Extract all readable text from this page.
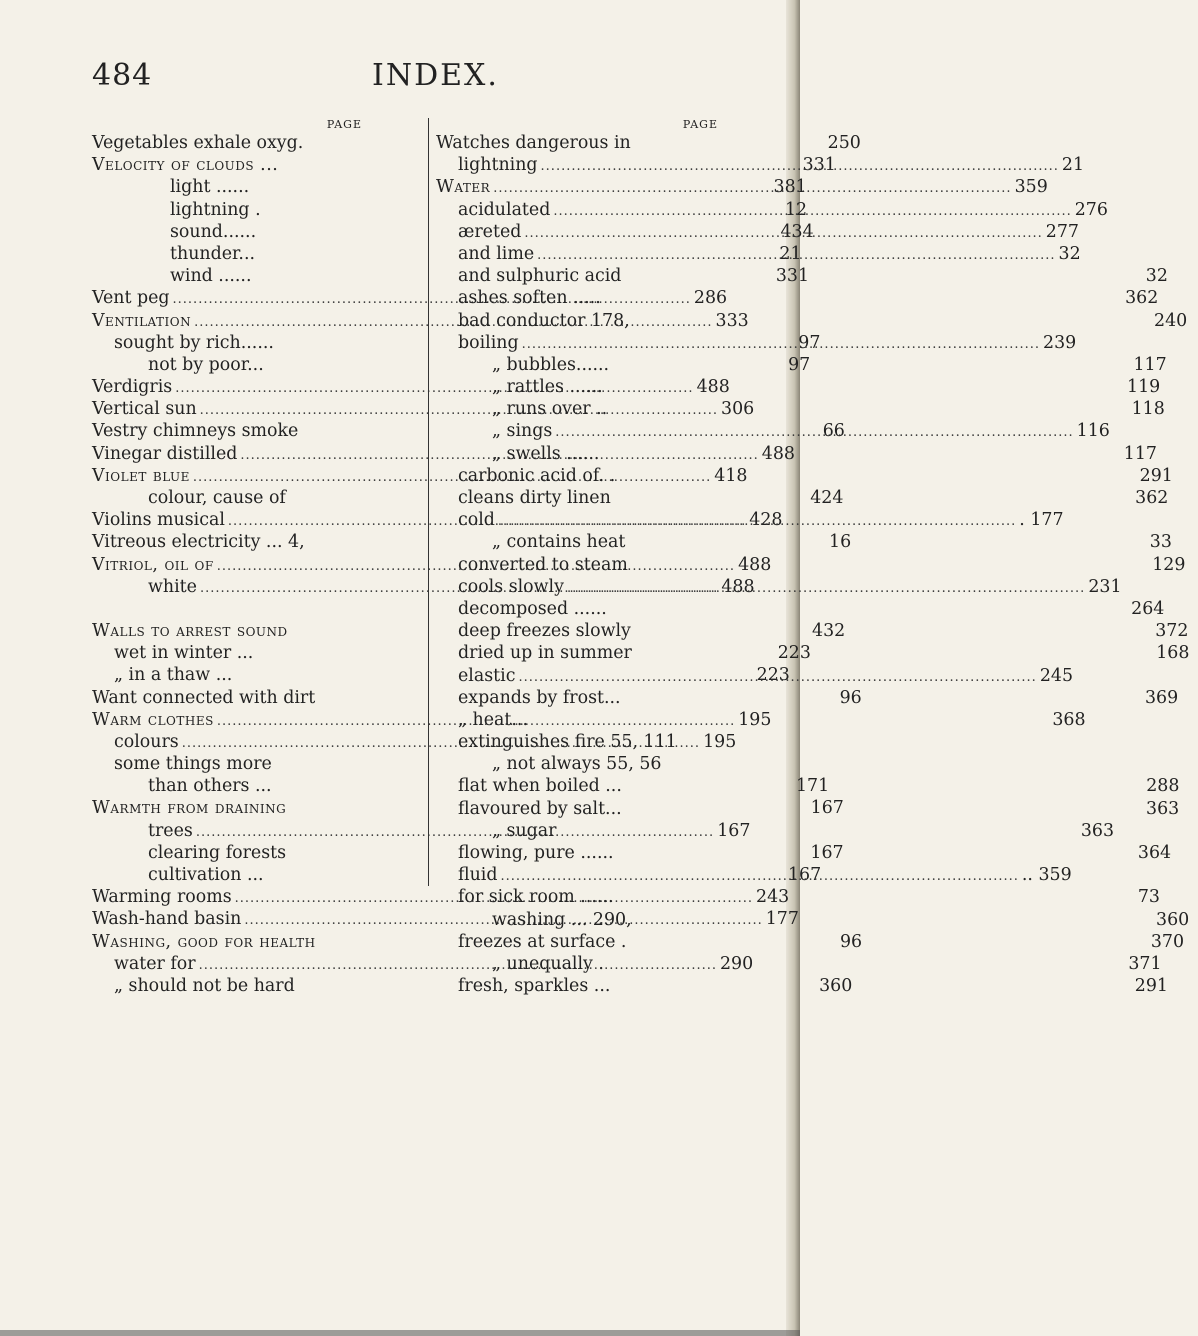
484	INDEX.
PAGE
Vegetables exhale oxyg.	250
Velocity of clouds ...	331
light ......	381
lightning .	12
sound......	434
thunder...	21
wind ......	331
Vent peg .....	286
Ventilation .....	333
sought by rich......	97
not by poor...	97
Verdigris .....	488
Vertical sun .....	306
Vestry chimneys smoke	66
Vinegar distilled .....	488
Violet blue .....	418
colour, cause of	424
Violins musical .....	428
Vitreous electricity ... 4,	16
Vitriol, oil of .....	488
white .....	488
Walls to arrest sound	432
wet in winter ...	223
„ in a thaw ...	223
Want connected with dirt	96
Warm clothes .....	195
colours .....	195
some things more
than others ...	171
Warmth from draining	167
trees .....	167
clearing forests	167
cultivation ...	167
Warming rooms .....	243
Wash-hand basin .....	177
Washing, good for health	96
water for .....	290
„ should not be hard	360
PAGE
Watches dangerous in
lightning .....	21
Water .....	359
acidulated .....	276
æreted .....	277
and lime .....	32
and sulphuric acid	32
ashes soften .....	362
bad conductor 178,	240
boiling .....	239
„ bubbles......	117
„ rattles ......	119
„ runs over ..	118
„ sings .....	116
„ swells ......	117
carbonic acid of. .	291
cleans dirty linen	362
cold .....	. 177
„ contains heat	33
converted to steam	129
cools slowly .....	231
decomposed ......	264
deep freezes slowly	372
dried up in summer	168
elastic .....	245
expands by frost...	369
„ heat...	368
extinguishes fire 55, 111
„ not always 55, 56
flat when boiled ...	288
flavoured by salt...	363
„ sugar	363
flowing, pure ......	364
fluid .....	.. 359
for sick room ......	73
washing ... 290,	360
freezes at surface .	370
„ unequally .	371
fresh, sparkles ...	291
